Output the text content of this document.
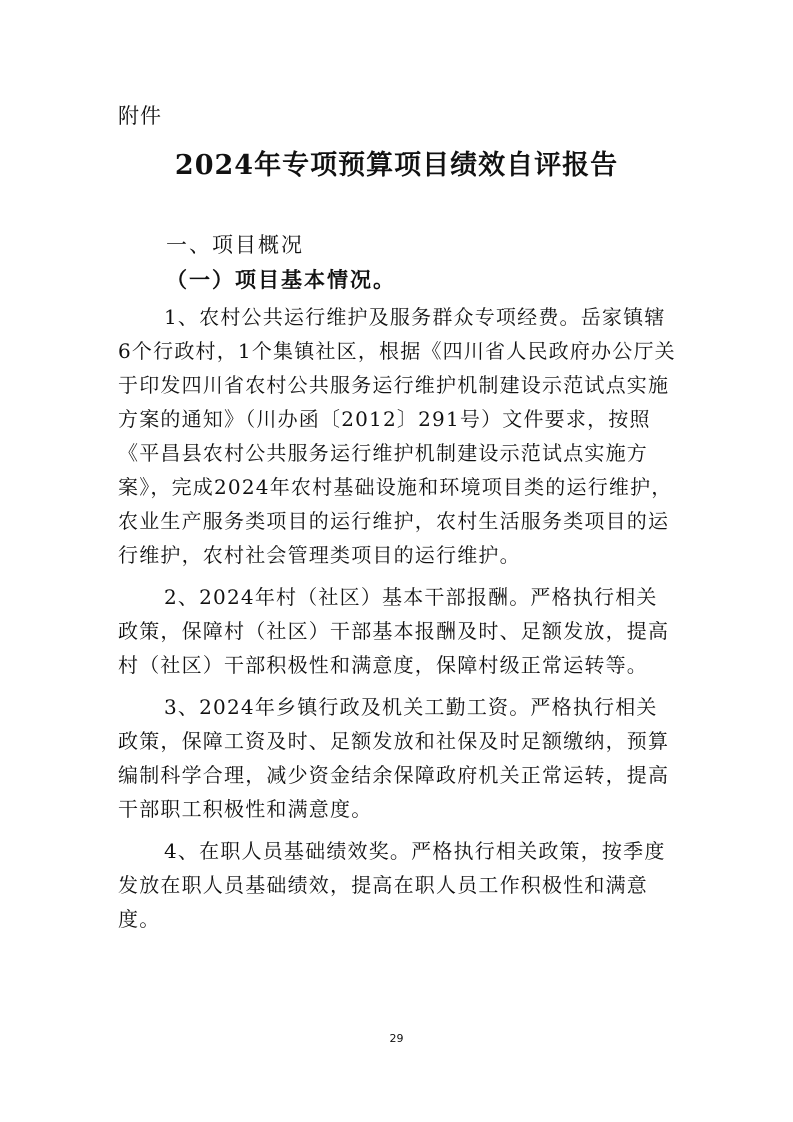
附件
2024年专项预算项目绩效自评报告
一、项目概况
（一）项目基本情况。

1、农村公共运行维护及服务群众专项经费。岳家镇辖6个行政村，1个集镇社区，根据《四川省人民政府办公厅关于印发四川省农村公共服务运行维护机制建设示范试点实施方案的通知》（川办函〔2012〕291号）文件要求，按照《平昌县农村公共服务运行维护机制建设示范试点实施方案》，完成2024年农村基础设施和环境项目类的运行维护，农业生产服务类项目的运行维护，农村生活服务类项目的运行维护，农村社会管理类项目的运行维护。

2、2024年村（社区）基本干部报酬。严格执行相关政策，保障村（社区）干部基本报酬及时、足额发放，提高村（社区）干部积极性和满意度，保障村级正常运转等。

3、2024年乡镇行政及机关工勤工资。严格执行相关政策，保障工资及时、足额发放和社保及时足额缴纳，预算编制科学合理，减少资金结余保障政府机关正常运转，提高干部职工积极性和满意度。

4、在职人员基础绩效奖。严格执行相关政策，按季度发放在职人员基础绩效，提高在职人员工作积极性和满意度。

29
